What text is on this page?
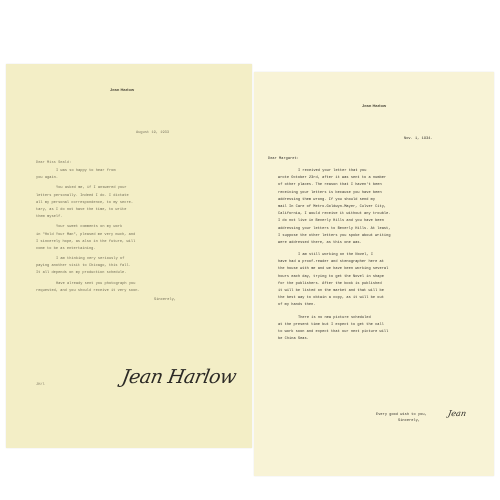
Jean Harlow
August 19, 1933
Dear Miss Seald:
I was so happy to hear from
you again.
You asked me, if I answered your
letters personally. Indeed I do. I dictate
all my personal correspondence, to my secre-
tary, as I do not have the time, to write
them myself.
Your sweet comments on my work
in "Hold Your Man", pleased me very much, and
I sincerely hope, as also in the future, will
come to be as entertaining.
I am thinking very seriously of
paying another visit to Chicago, this fall.
It all depends on my production schedule.
Have already sent you photograph you
requested, and you should receive it very soon.
Sincerely,
Jean Harlow
JH/l
Jean Harlow
Nov. 1, 1934.
Dear Margaret:
I received your letter that you
wrote October 23rd, after it was sent to a number
of other places. The reason that I haven't been
receiving your letters is because you have been
addressing them wrong. If you should send my
mail In Care of Metro-Goldwyn-Mayer, Culver City,
California, I would receive it without any trouble.
I do not live in Beverly Hills and you have been
addressing your letters to Beverly Hills. At least,
I suppose the other letters you spoke about writing
were addressed there, as this one was.
I am still working on the Novel, I
have had a proof-reader and stenographer here at
the house with me and we have been working several
hours each day, trying to get the Novel in shape
for the publishers. After the book is published
it will be listed on the market and that will be
the best way to obtain a copy, as it will be out
of my hands then.
There is no new picture scheduled
at the present time but I expect to get the call
to work soon and expect that our next picture will
be China Seas.
Every good wish to you,
Sincerely,
Jean
